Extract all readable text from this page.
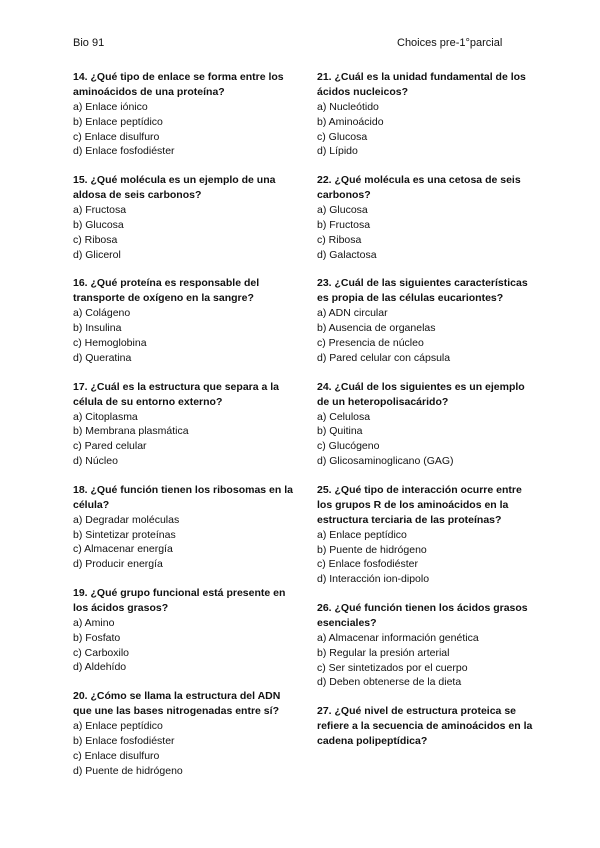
Bio 91	Choices pre-1°parcial
14. ¿Qué tipo de enlace se forma entre los aminoácidos de una proteína?
a) Enlace iónico
b) Enlace peptídico
c) Enlace disulfuro
d) Enlace fosfodiéster
15. ¿Qué molécula es un ejemplo de una aldosa de seis carbonos?
a) Fructosa
b) Glucosa
c) Ribosa
d) Glicerol
16. ¿Qué proteína es responsable del transporte de oxígeno en la sangre?
a) Colágeno
b) Insulina
c) Hemoglobina
d) Queratina
17. ¿Cuál es la estructura que separa a la célula de su entorno externo?
a) Citoplasma
b) Membrana plasmática
c) Pared celular
d) Núcleo
18. ¿Qué función tienen los ribosomas en la célula?
a) Degradar moléculas
b) Sintetizar proteínas
c) Almacenar energía
d) Producir energía
19. ¿Qué grupo funcional está presente en los ácidos grasos?
a) Amino
b) Fosfato
c) Carboxilo
d) Aldehído
20. ¿Cómo se llama la estructura del ADN que une las bases nitrogenadas entre sí?
a) Enlace peptídico
b) Enlace fosfodiéster
c) Enlace disulfuro
d) Puente de hidrógeno
21. ¿Cuál es la unidad fundamental de los ácidos nucleicos?
a) Nucleótido
b) Aminoácido
c) Glucosa
d) Lípido
22. ¿Qué molécula es una cetosa de seis carbonos?
a) Glucosa
b) Fructosa
c) Ribosa
d) Galactosa
23. ¿Cuál de las siguientes características es propia de las células eucariontes?
a) ADN circular
b) Ausencia de organelas
c) Presencia de núcleo
d) Pared celular con cápsula
24. ¿Cuál de los siguientes es un ejemplo de un heteropolisacárido?
a) Celulosa
b) Quitina
c) Glucógeno
d) Glicosaminoglicano (GAG)
25. ¿Qué tipo de interacción ocurre entre los grupos R de los aminoácidos en la estructura terciaria de las proteínas?
a) Enlace peptídico
b) Puente de hidrógeno
c) Enlace fosfodiéster
d) Interacción ion-dipolo
26. ¿Qué función tienen los ácidos grasos esenciales?
a) Almacenar información genética
b) Regular la presión arterial
c) Ser sintetizados por el cuerpo
d) Deben obtenerse de la dieta
27. ¿Qué nivel de estructura proteica se refiere a la secuencia de aminoácidos en la cadena polipeptídica?
